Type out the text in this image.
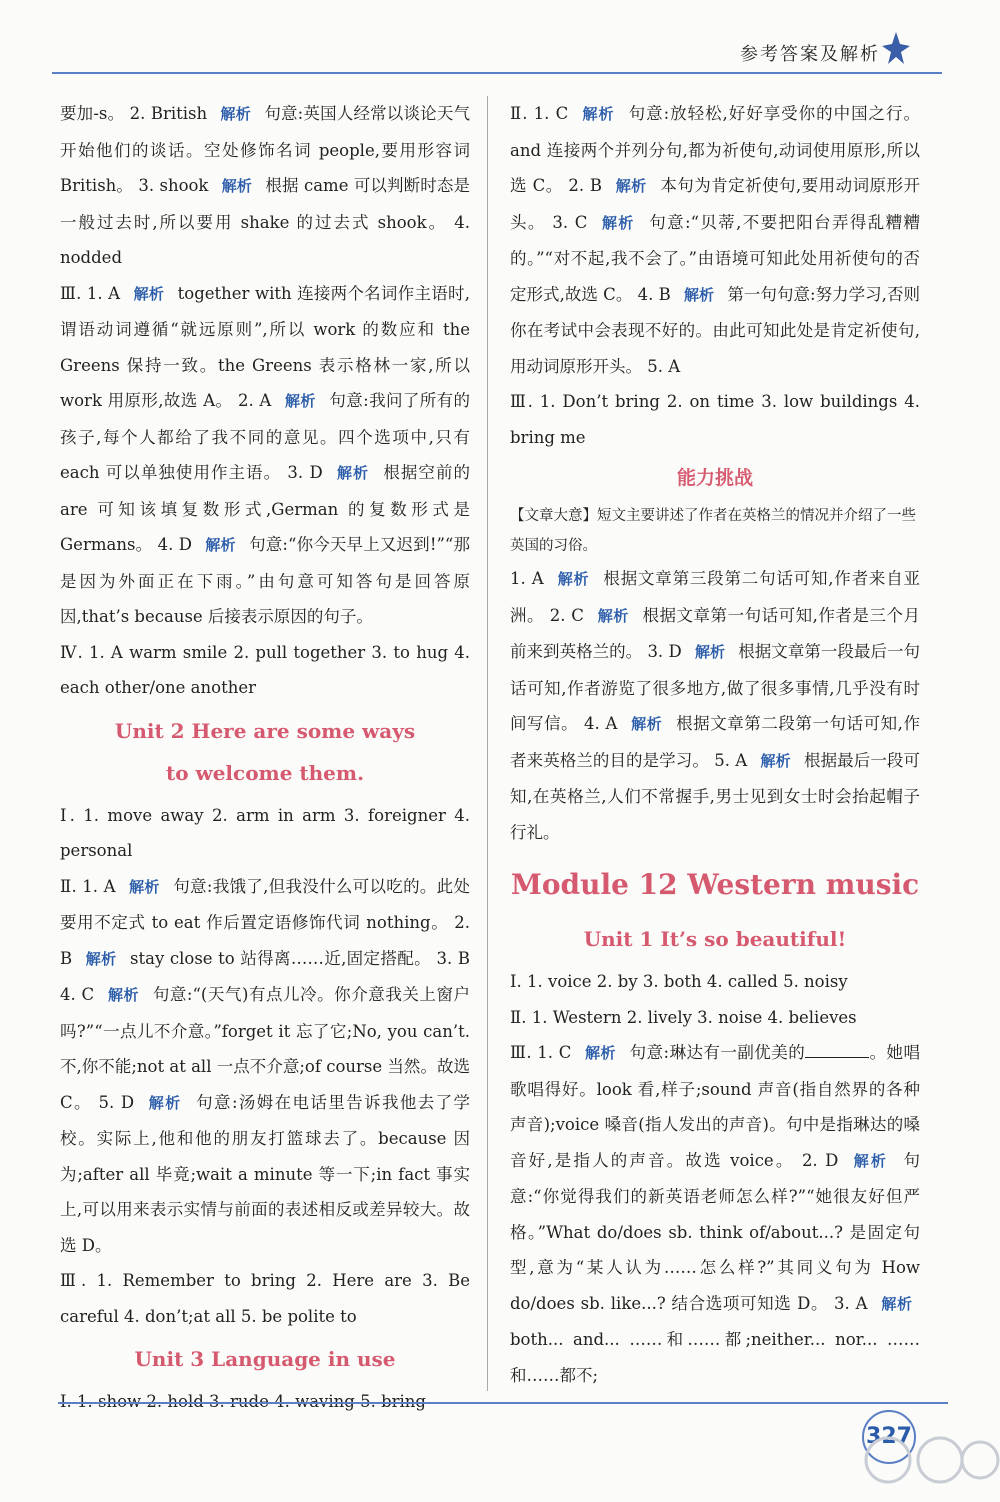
参考答案及解析

要加-s。 2. British 解析 句意:英国人经常以谈论天气开始他们的谈话。空处修饰名词 people,要用形容词 British。 3. shook 解析 根据 came 可以判断时态是一般过去时,所以要用 shake 的过去式 shook。 4. nodded

Ⅲ. 1. A 解析 together with 连接两个名词作主语时,谓语动词遵循“就远原则”,所以 work 的数应和 the Greens 保持一致。the Greens 表示格林一家,所以 work 用原形,故选 A。 2. A 解析 句意:我问了所有的孩子,每个人都给了我不同的意见。四个选项中,只有 each 可以单独使用作主语。 3. D 解析 根据空前的 are 可知该填复数形式,German 的复数形式是 Germans。 4. D 解析 句意:“你今天早上又迟到!”“那是因为外面正在下雨。”由句意可知答句是回答原因,that’s because 后接表示原因的句子。

Ⅳ. 1. A warm smile 2. pull together 3. to hug 4. each other/one another

Unit 2 Here are some ways
to welcome them.

Ⅰ. 1. move away 2. arm in arm 3. foreigner 4. personal

Ⅱ. 1. A 解析 句意:我饿了,但我没什么可以吃的。此处要用不定式 to eat 作后置定语修饰代词 nothing。 2. B 解析 stay close to 站得离……近,固定搭配。 3. B 4. C 解析 句意:“(天气)有点儿冷。你介意我关上窗户吗?”“一点儿不介意。”forget it 忘了它;No, you can’t. 不,你不能;not at all 一点不介意;of course 当然。故选 C。 5. D 解析 句意:汤姆在电话里告诉我他去了学校。实际上,他和他的朋友打篮球去了。because 因为;after all 毕竟;wait a minute 等一下;in fact 事实上,可以用来表示实情与前面的表述相反或差异较大。故选 D。

Ⅲ. 1. Remember to bring 2. Here are 3. Be careful 4. don’t;at all 5. be polite to

Unit 3 Language in use

Ⅰ. 1. show 2. hold 3. rude 4. waving 5. bring

Ⅱ. 1. C 解析 句意:放轻松,好好享受你的中国之行。and 连接两个并列分句,都为祈使句,动词使用原形,所以选 C。 2. B 解析 本句为肯定祈使句,要用动词原形开头。 3. C 解析 句意:“贝蒂,不要把阳台弄得乱糟糟的。”“对不起,我不会了。”由语境可知此处用祈使句的否定形式,故选 C。 4. B 解析 第一句句意:努力学习,否则你在考试中会表现不好的。由此可知此处是肯定祈使句,用动词原形开头。 5. A

Ⅲ. 1. Don’t bring 2. on time 3. low buildings 4. bring me

能力挑战

【文章大意】短文主要讲述了作者在英格兰的情况并介绍了一些英国的习俗。

1. A 解析 根据文章第三段第二句话可知,作者来自亚洲。 2. C 解析 根据文章第一句话可知,作者是三个月前来到英格兰的。 3. D 解析 根据文章第一段最后一句话可知,作者游览了很多地方,做了很多事情,几乎没有时间写信。 4. A 解析 根据文章第二段第一句话可知,作者来英格兰的目的是学习。 5. A 解析 根据最后一段可知,在英格兰,人们不常握手,男士见到女士时会抬起帽子行礼。

Module 12 Western music
Unit 1 It’s so beautiful!

Ⅰ. 1. voice 2. by 3. both 4. called 5. noisy

Ⅱ. 1. Western 2. lively 3. noise 4. believes

Ⅲ. 1. C 解析 句意:琳达有一副优美的	。她唱歌唱得好。look 看,样子;sound 声音(指自然界的各种声音);voice 嗓音(指人发出的声音)。句中是指琳达的嗓音好,是指人的声音。故选 voice。 2. D 解析 句意:“你觉得我们的新英语老师怎么样?”“她很友好但严格。”What do/does sb. think of/about...? 是固定句型,意为“某人认为……怎么样?”其同义句为 How do/does sb. like...? 结合选项可知选 D。 3. A 解析 both... and... ……和……都;neither... nor... ……和……都不;

327
